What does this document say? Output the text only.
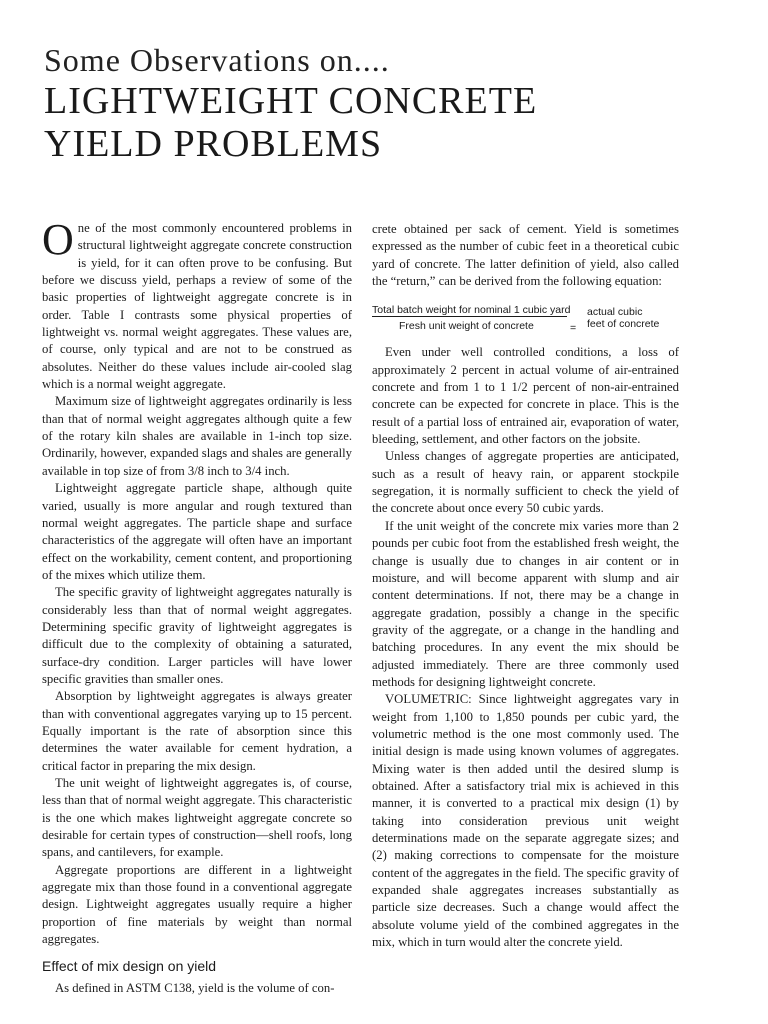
Some Observations on....
LIGHTWEIGHT CONCRETE
YIELD PROBLEMS

One of the most commonly encountered problems in structural lightweight aggregate concrete construction is yield, for it can often prove to be confusing. But before we discuss yield, perhaps a review of some of the basic properties of lightweight aggregate concrete is in order. Table I contrasts some physical properties of lightweight vs. normal weight aggregates. These values are, of course, only typical and are not to be construed as absolutes. Neither do these values include air-cooled slag which is a normal weight aggregate.

Maximum size of lightweight aggregates ordinarily is less than that of normal weight aggregates although quite a few of the rotary kiln shales are available in 1-inch top size. Ordinarily, however, expanded slags and shales are generally available in top size of from 3/8 inch to 3/4 inch.

Lightweight aggregate particle shape, although quite varied, usually is more angular and rough textured than normal weight aggregates. The particle shape and surface characteristics of the aggregate will often have an important effect on the workability, cement content, and proportioning of the mixes which utilize them.

The specific gravity of lightweight aggregates naturally is considerably less than that of normal weight aggregates. Determining specific gravity of lightweight aggregates is difficult due to the complexity of obtaining a saturated, surface-dry condition. Larger particles will have lower specific gravities than smaller ones.

Absorption by lightweight aggregates is always greater than with conventional aggregates varying up to 15 percent. Equally important is the rate of absorption since this determines the water available for cement hydration, a critical factor in preparing the mix design.

The unit weight of lightweight aggregates is, of course, less than that of normal weight aggregate. This characteristic is the one which makes lightweight aggregate concrete so desirable for certain types of construction—shell roofs, long spans, and cantilevers, for example.

Aggregate proportions are different in a lightweight aggregate mix than those found in a conventional aggregate design. Lightweight aggregates usually require a higher proportion of fine materials by weight than normal aggregates.

Effect of mix design on yield

As defined in ASTM C138, yield is the volume of con-

crete obtained per sack of cement. Yield is sometimes expressed as the number of cubic feet in a theoretical cubic yard of concrete. The latter definition of yield, also called the “return,” can be derived from the following equation:

Total batch weight for nominal 1 cubic yard
Fresh unit weight of concrete	=
actual cubic
feet of concrete

Even under well controlled conditions, a loss of approximately 2 percent in actual volume of air-entrained concrete and from 1 to 1 1/2 percent of non-air-entrained concrete can be expected for concrete in place. This is the result of a partial loss of entrained air, evaporation of water, bleeding, settlement, and other factors on the jobsite.

Unless changes of aggregate properties are anticipated, such as a result of heavy rain, or apparent stockpile segregation, it is normally sufficient to check the yield of the concrete about once every 50 cubic yards.

If the unit weight of the concrete mix varies more than 2 pounds per cubic foot from the established fresh weight, the change is usually due to changes in air content or in moisture, and will become apparent with slump and air content determinations. If not, there may be a change in aggregate gradation, possibly a change in the specific gravity of the aggregate, or a change in the handling and batching procedures. In any event the mix should be adjusted immediately. There are three commonly used methods for designing lightweight concrete.

VOLUMETRIC: Since lightweight aggregates vary in weight from 1,100 to 1,850 pounds per cubic yard, the volumetric method is the one most commonly used. The initial design is made using known volumes of aggregates. Mixing water is then added until the desired slump is obtained. After a satisfactory trial mix is achieved in this manner, it is converted to a practical mix design (1) by taking into consideration previous unit weight determinations made on the separate aggregate sizes; and (2) making corrections to compensate for the moisture content of the aggregates in the field. The specific gravity of expanded shale aggregates increases substantially as particle size decreases. Such a change would affect the absolute volume yield of the combined aggregates in the mix, which in turn would alter the concrete yield.
